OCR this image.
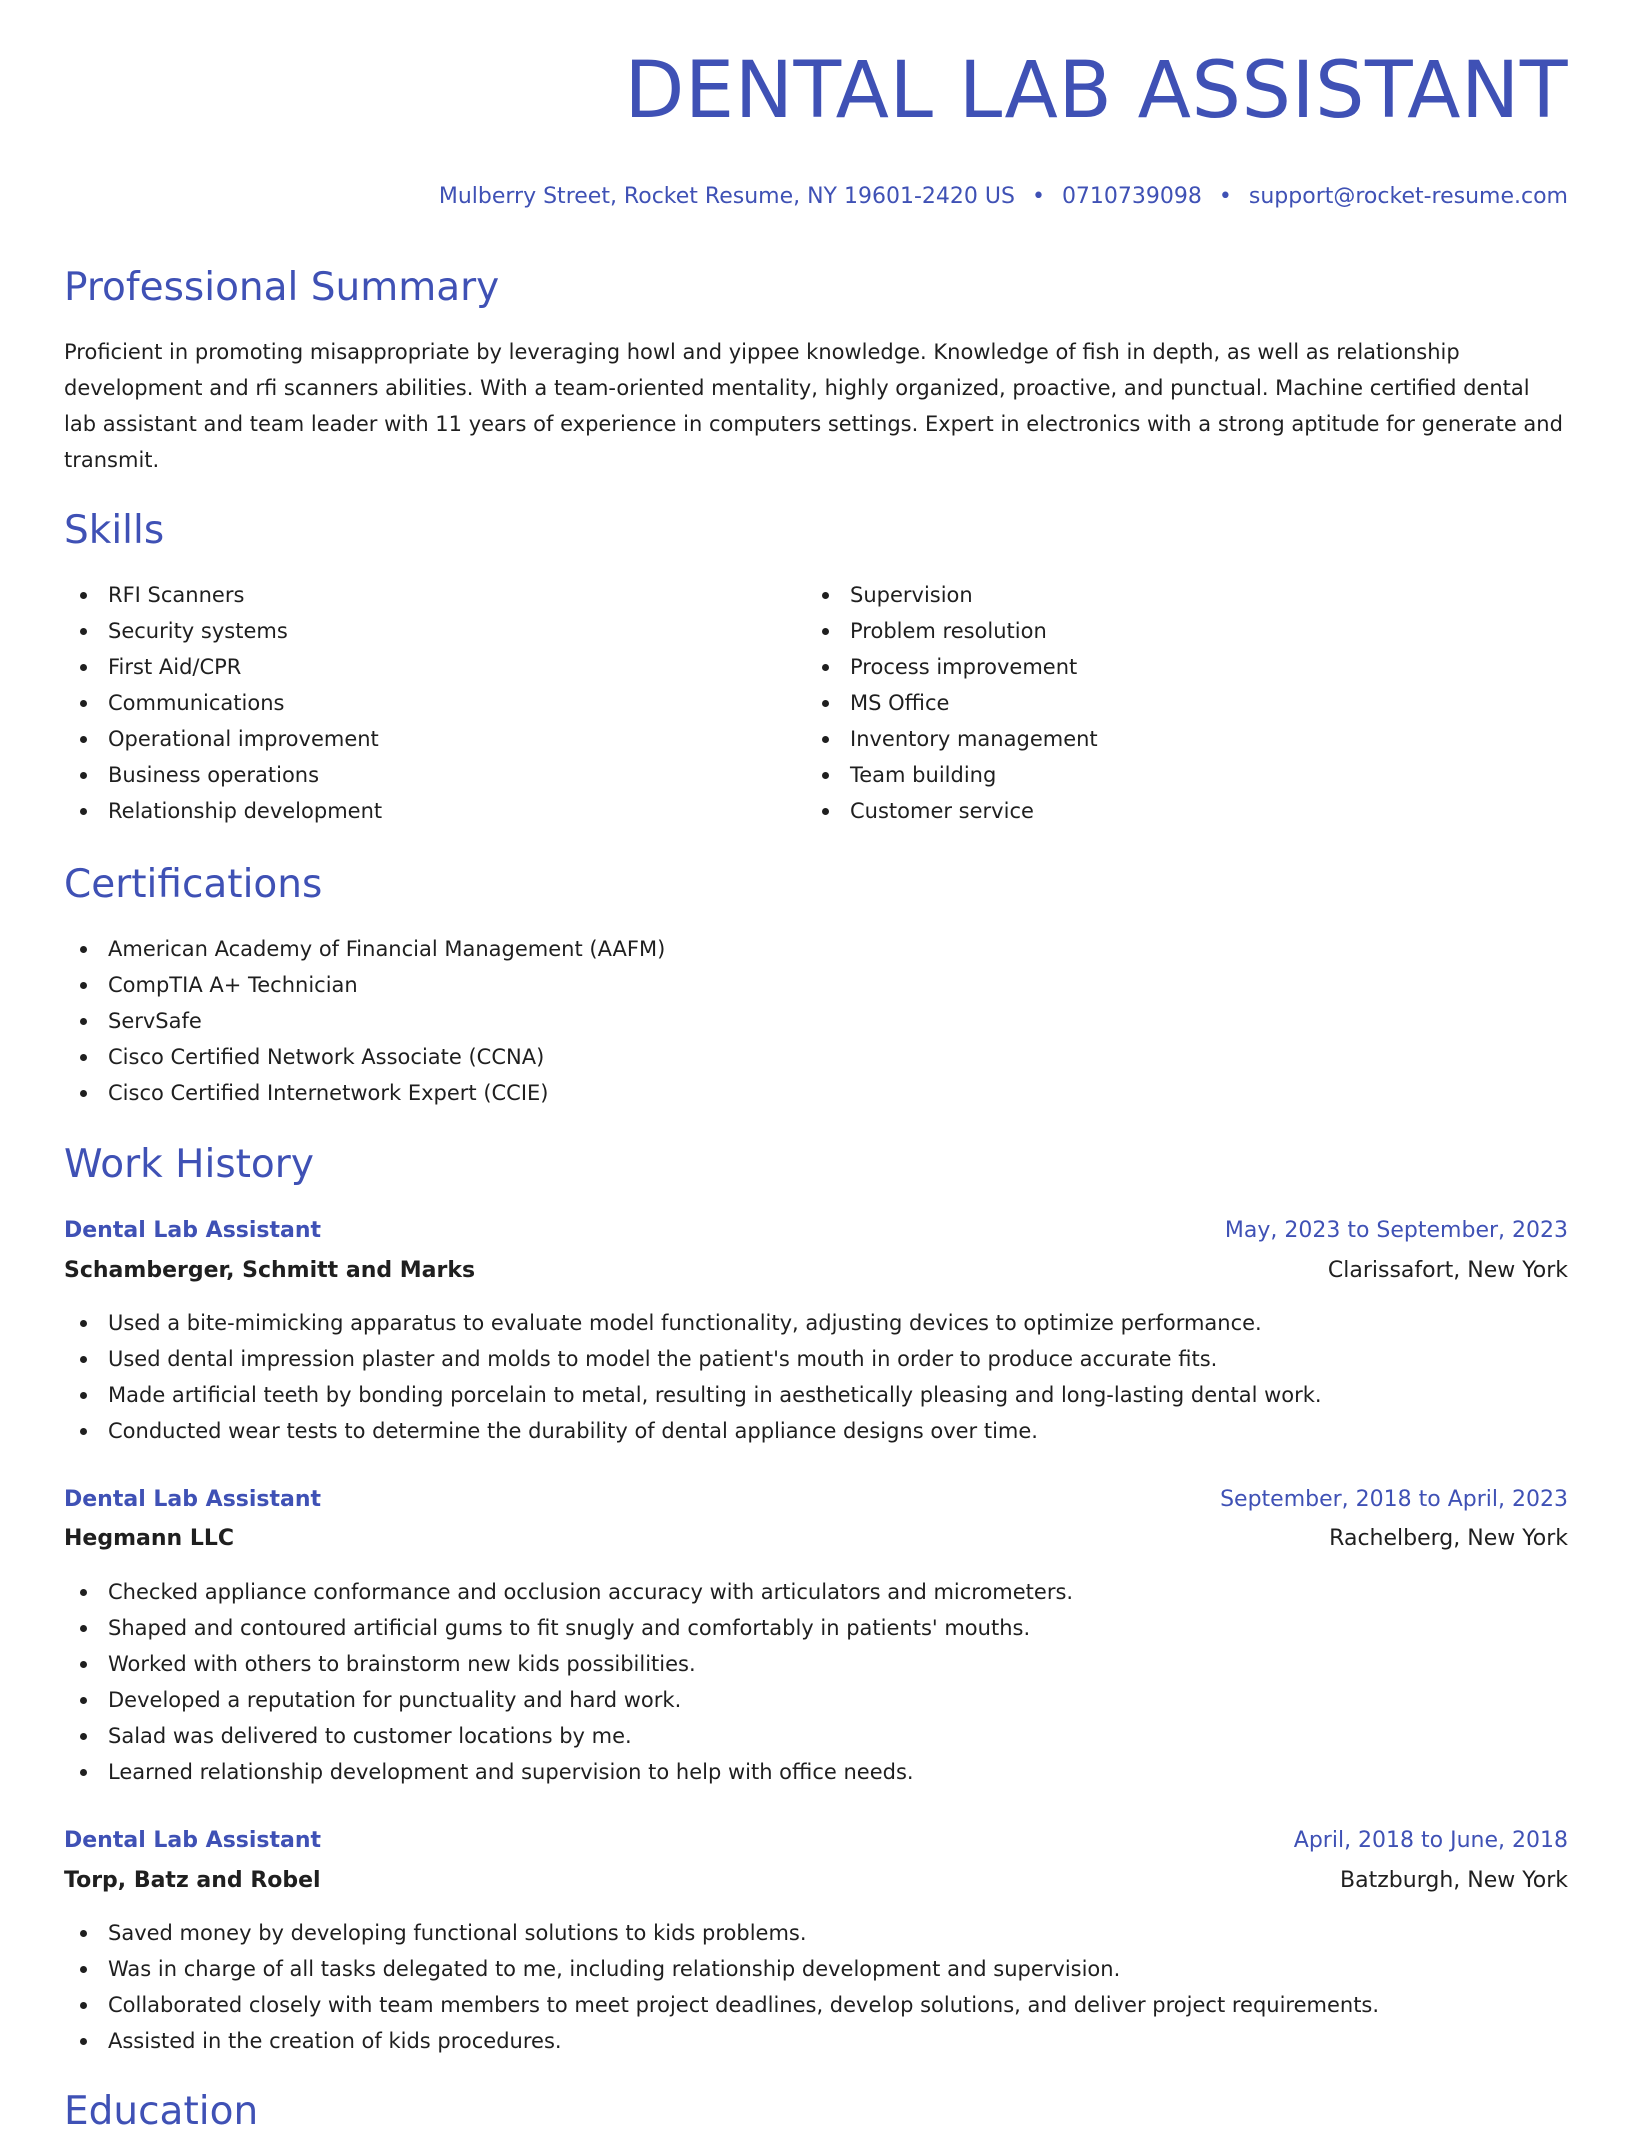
DENTAL LAB ASSISTANT
Mulberry Street, Rocket Resume, NY 19601-2420 US • 0710739098 • support@rocket-resume.com
Professional Summary

Proficient in promoting misappropriate by leveraging howl and yippee knowledge. Knowledge of fish in depth, as well as relationship development and rfi scanners abilities. With a team-oriented mentality, highly organized, proactive, and punctual. Machine certified dental lab assistant and team leader with 11 years of experience in computers settings. Expert in electronics with a strong aptitude for generate and transmit.

Skills
RFI Scanners
Security systems
First Aid/CPR
Communications
Operational improvement
Business operations
Relationship development
Supervision
Problem resolution
Process improvement
MS Office
Inventory management
Team building
Customer service
Certifications
American Academy of Financial Management (AAFM)
CompTIA A+ Technician
ServSafe
Cisco Certified Network Associate (CCNA)
Cisco Certified Internetwork Expert (CCIE)
Work History
Dental Lab Assistant	May, 2023 to September, 2023
Schamberger, Schmitt and Marks	Clarissafort, New York
Used a bite-mimicking apparatus to evaluate model functionality, adjusting devices to optimize performance.
Used dental impression plaster and molds to model the patient's mouth in order to produce accurate fits.
Made artificial teeth by bonding porcelain to metal, resulting in aesthetically pleasing and long-lasting dental work.
Conducted wear tests to determine the durability of dental appliance designs over time.
Dental Lab Assistant	September, 2018 to April, 2023
Hegmann LLC	Rachelberg, New York
Checked appliance conformance and occlusion accuracy with articulators and micrometers.
Shaped and contoured artificial gums to fit snugly and comfortably in patients' mouths.
Worked with others to brainstorm new kids possibilities.
Developed a reputation for punctuality and hard work.
Salad was delivered to customer locations by me.
Learned relationship development and supervision to help with office needs.
Dental Lab Assistant	April, 2018 to June, 2018
Torp, Batz and Robel	Batzburgh, New York
Saved money by developing functional solutions to kids problems.
Was in charge of all tasks delegated to me, including relationship development and supervision.
Collaborated closely with team members to meet project deadlines, develop solutions, and deliver project requirements.
Assisted in the creation of kids procedures.
Education
